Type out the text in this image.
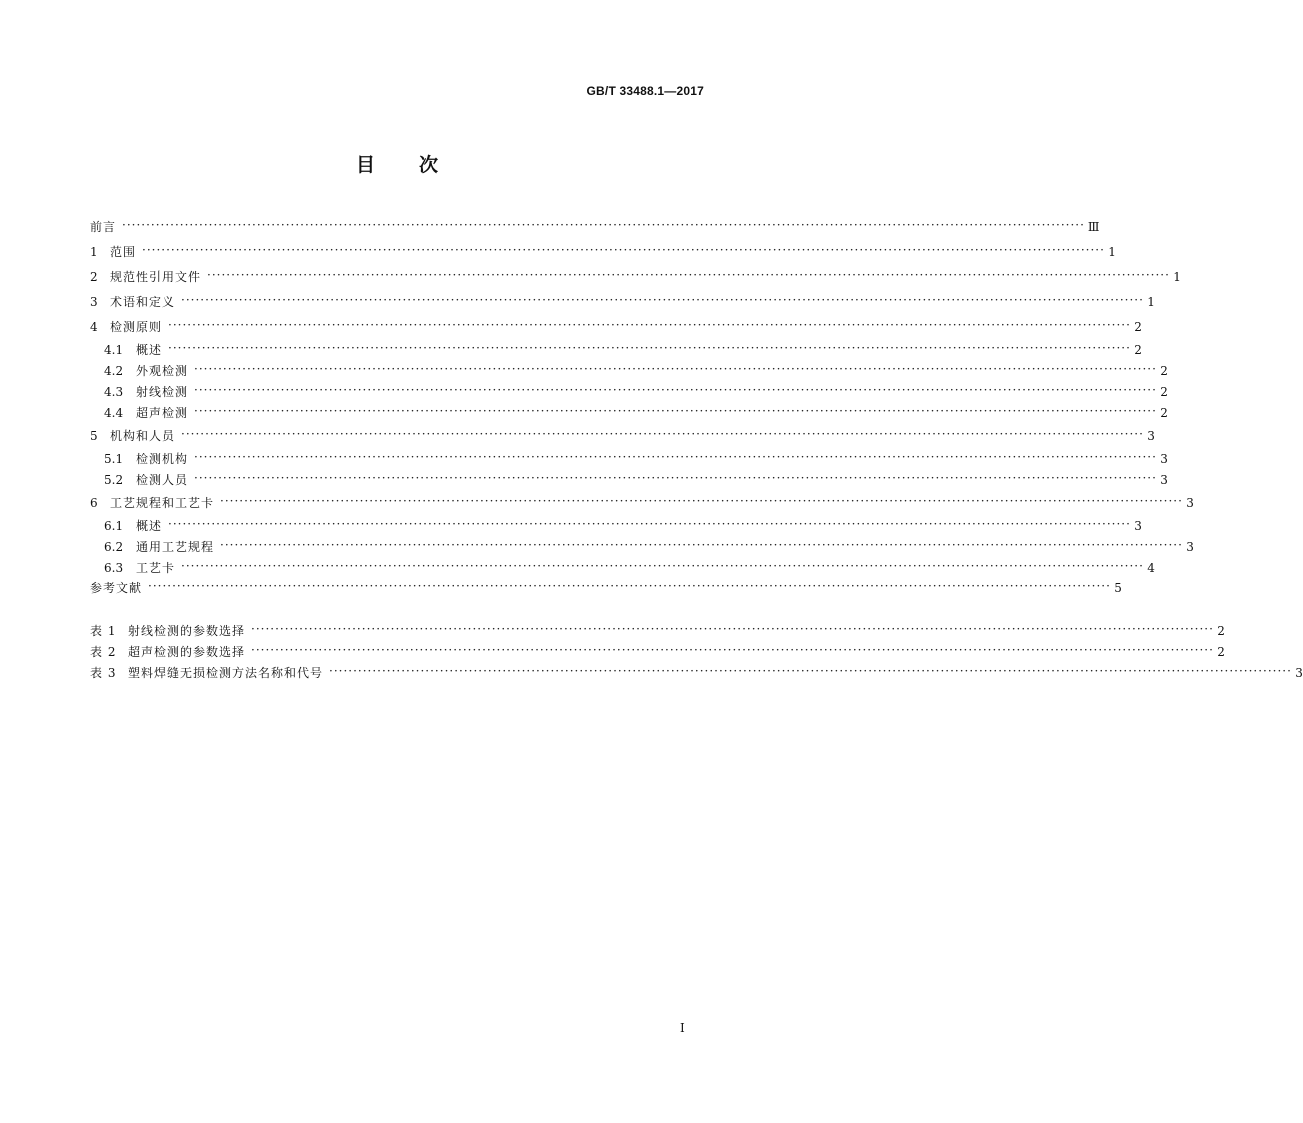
GB/T 33488.1—2017
目次
前言 ········································································································································································································ Ⅲ
1	范围 ········································································································································································································ 1
2	规范性引用文件 ········································································································································································································ 1
3	术语和定义 ········································································································································································································ 1
4	检测原则 ········································································································································································································ 2
4.1	概述 ········································································································································································································ 2
4.2	外观检测 ········································································································································································································ 2
4.3	射线检测 ········································································································································································································ 2
4.4	超声检测 ········································································································································································································ 2
5	机构和人员 ········································································································································································································ 3
5.1	检测机构 ········································································································································································································ 3
5.2	检测人员 ········································································································································································································ 3
6	工艺规程和工艺卡 ········································································································································································································ 3
6.1	概述 ········································································································································································································ 3
6.2	通用工艺规程 ········································································································································································································ 3
6.3	工艺卡 ········································································································································································································ 4
参考文献 ········································································································································································································ 5
表 1 射线检测的参数选择 ········································································································································································································ 2
表 2 超声检测的参数选择 ········································································································································································································ 2
表 3 塑料焊缝无损检测方法名称和代号 ········································································································································································································ 3
I
